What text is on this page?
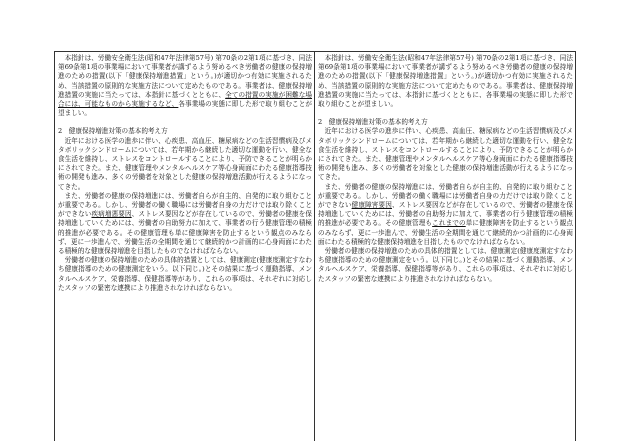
本指針は、労働安全衛生法(昭和47年法律第57号) 第70条の2第1項に基づき、同法第69条第1項の事業場において事業者が講ずるよう努めるべき労働者の健康の保持増進のための措置(以下「健康保持増進措置」という。)が適切かつ有効に実施されるため、当該措置の原則的な実施方法について定めたものである。事業者は、健康保持増進措置の実施に当たっては、本指針に基づくとともに、全ての措置の実施が困難な場合には、可能なものから実施するなど、各事業場の実態に即した形で取り組むことが望ましい。

2　健康保持増進対策の基本的考え方

近年における医学の進歩に伴い、心疾患、高血圧、糖尿病などの生活習慣病及びメタボリックシンドロームについては、若年期から継続した適切な運動を行い、健全な食生活を維持し、ストレスをコントロールすることにより、予防できることが明らかにされてきた。また、健康管理やメンタルヘルスケア等心身両面にわたる健康指導技術の開発も進み、多くの労働者を対象とした健康の保持増進活動が行えるようになってきた。

また、労働者の健康の保持増進には、労働者自らが自主的、自発的に取り組むことが重要である。しかし、労働者の働く職場には労働者自身の力だけでは取り除くことができない疾病増悪要因、ストレス要因などが存在しているので、労働者の健康を保持増進していくためには、労働者の自助努力に加えて、事業者の行う健康管理の積極的推進が必要である。その健康管理も単に健康障害を防止するという観点のみならず、更に一歩進んで、労働生活の全期間を通じて継続的かつ計画的に心身両面にわたる積極的な健康保持増進を目指したものでなければならない。

労働者の健康の保持増進のための具体的措置としては、健康測定(健康度測定すなわち健康指導のための健康測定をいう。以下同じ。)とその結果に基づく運動指導、メンタルヘルスケア、栄養指導、保健指導等があり、これらの事項は、それぞれに対応したスタッフの緊密な連携により推進されなければならない。

本指針は、労働安全衛生法(昭和47年法律第57号) 第70条の2第1項に基づき、同法第69条第1項の事業場において事業者が講ずるよう努めるべき労働者の健康の保持増進のための措置(以下「健康保持増進措置」という。)が適切かつ有効に実施されるため、当該措置の原則的な実施方法について定めたものである。事業者は、健康保持増進措置の実施に当たっては、本指針に基づくとともに、各事業場の実態に即した形で取り組むことが望ましい。

2　健康保持増進対策の基本的考え方

近年における医学の進歩に伴い、心疾患、高血圧、糖尿病などの生活習慣病及びメタボリックシンドロームについては、若年期から継続した適切な運動を行い、健全な食生活を維持し、ストレスをコントロールすることにより、予防できることが明らかにされてきた。また、健康管理やメンタルヘルスケア等心身両面にわたる健康指導技術の開発も進み、多くの労働者を対象とした健康の保持増進活動が行えるようになってきた。

また、労働者の健康の保持増進には、労働者自らが自主的、自発的に取り組むことが重要である。しかし、労働者の働く職場には労働者自身の力だけでは取り除くことができない健康障害要因、ストレス要因などが存在しているので、労働者の健康を保持増進していくためには、労働者の自助努力に加えて、事業者の行う健康管理の積極的推進が必要である。その健康管理もこれまでの単に健康障害を防止するという観点のみならず、更に一歩進んで、労働生活の全期間を通じて継続的かつ計画的に心身両面にわたる積極的な健康保持増進を目指したものでなければならない。

労働者の健康の保持増進のための具体的措置としては、健康測定(健康度測定すなわち健康指導のための健康測定をいう。以下同じ。)とその結果に基づく運動指導、メンタルヘルスケア、栄養指導、保健指導等があり、これらの事項は、それぞれに対応したスタッフの緊密な連携により推進されなければならない。
